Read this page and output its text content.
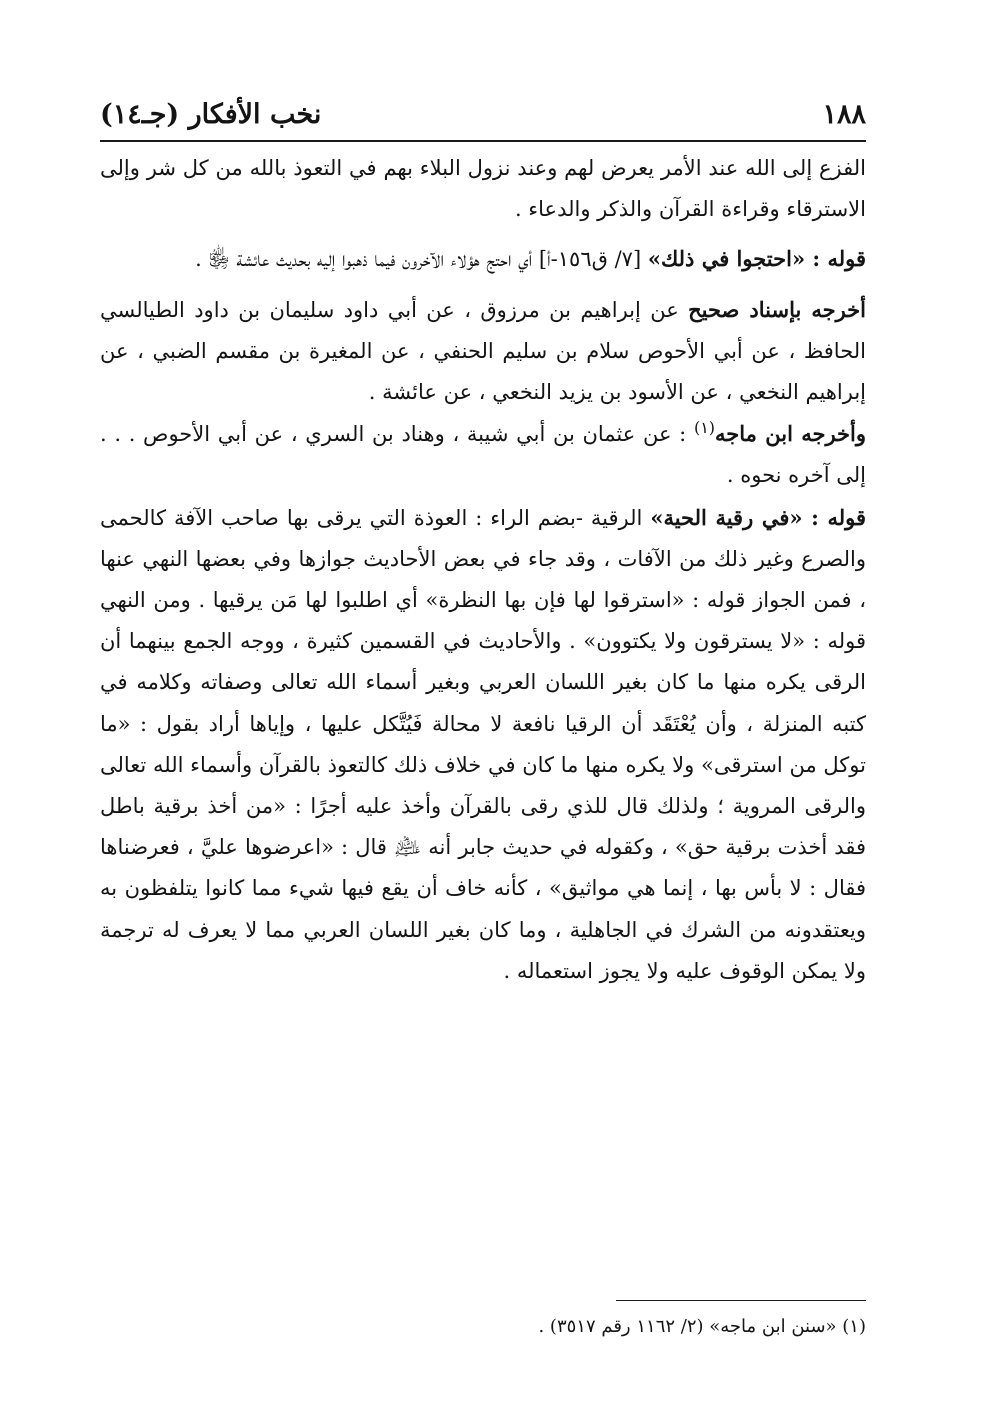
١٨٨
نخب الأفكار (جـ١٤)

الفزع إلى الله عند الأمر يعرض لهم وعند نزول البلاء بهم في التعوذ بالله من كل شر وإلى الاسترقاء وقراءة القرآن والذكر والدعاء .

قوله : «احتجوا في ذلك» [٧/ ق١٥٦-أ] أي احتج هؤلاء الآخرون فيما ذهبوا إليه بحديث عائشة ﵂ .

أخرجه بإسناد صحيح عن إبراهيم بن مرزوق ، عن أبي داود سليمان بن داود الطيالسي الحافظ ، عن أبي الأحوص سلام بن سليم الحنفي ، عن المغيرة بن مقسم الضبي ، عن إبراهيم النخعي ، عن الأسود بن يزيد النخعي ، عن عائشة .

وأخرجه ابن ماجه$^{(١)}$ : عن عثمان بن أبي شيبة ، وهناد بن السري ، عن أبي الأحوص . . . إلى آخره نحوه .

قوله : «في رقية الحية» الرقية -بضم الراء : العوذة التي يرقى بها صاحب الآفة كالحمى والصرع وغير ذلك من الآفات ، وقد جاء في بعض الأحاديث جوازها وفي بعضها النهي عنها ، فمن الجواز قوله : «استرقوا لها فإن بها النظرة» أي اطلبوا لها مَن يرقيها . ومن النهي قوله : «لا يسترقون ولا يكتوون» . والأحاديث في القسمين كثيرة ، ووجه الجمع بينهما أن الرقى يكره منها ما كان بغير اللسان العربي وبغير أسماء الله تعالى وصفاته وكلامه في كتبه المنزلة ، وأن يُعْتَقَد أن الرقيا نافعة لا محالة فَيُتَّكل عليها ، وإياها أراد بقول : «ما توكل من استرقى» ولا يكره منها ما كان في خلاف ذلك كالتعوذ بالقرآن وأسماء الله تعالى والرقى المروية ؛ ولذلك قال للذي رقى بالقرآن وأخذ عليه أجرًا : «من أخذ برقية باطل فقد أخذت برقية حق» ، وكقوله في حديث جابر أنه ﵇ قال : «اعرضوها عليَّ ، فعرضناها فقال : لا بأس بها ، إنما هي مواثيق» ، كأنه خاف أن يقع فيها شيء مما كانوا يتلفظون به ويعتقدونه من الشرك في الجاهلية ، وما كان بغير اللسان العربي مما لا يعرف له ترجمة ولا يمكن الوقوف عليه ولا يجوز استعماله .

(١) «سنن ابن ماجه» (٢/ ١١٦٢ رقم ٣٥١٧) .
